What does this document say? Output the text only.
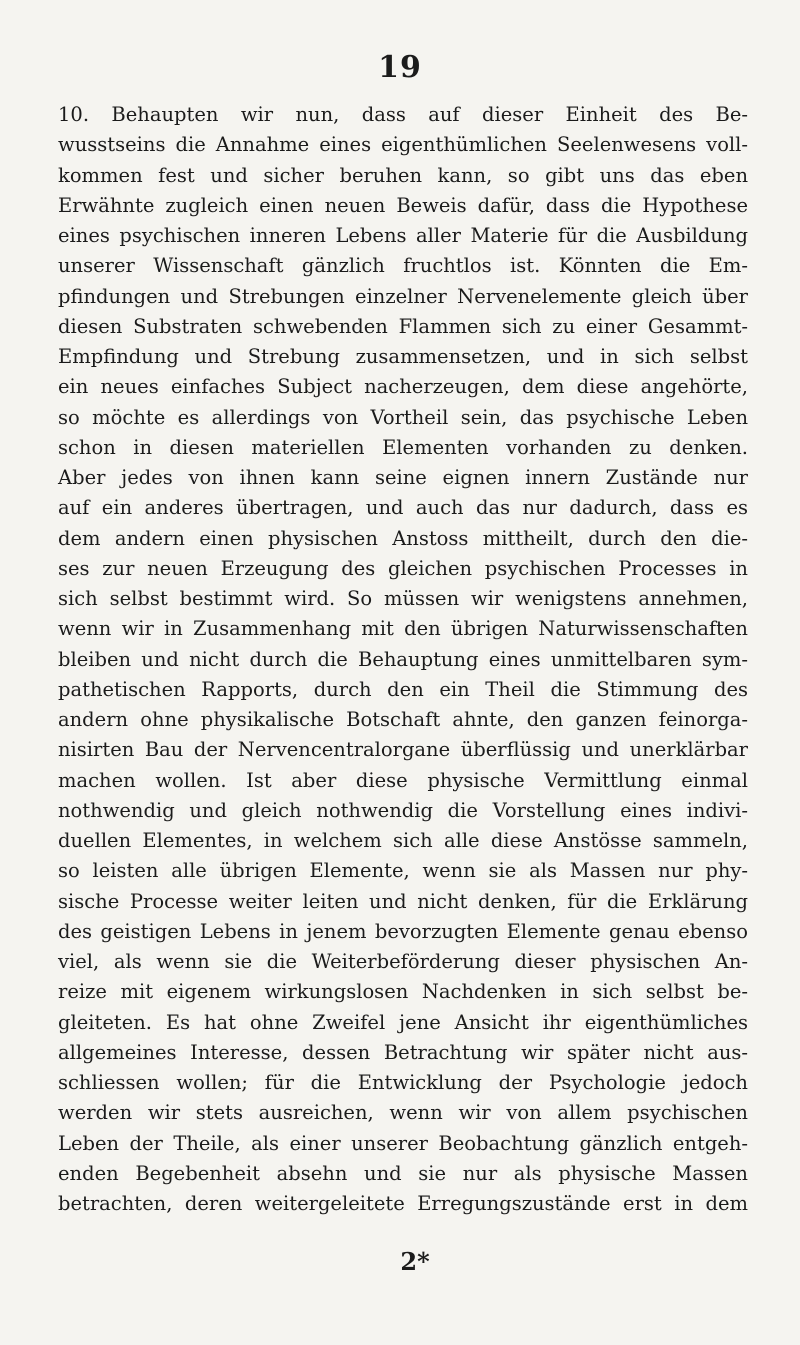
19
10. Behaupten wir nun, dass auf dieser Einheit des Be-
wusstseins die Annahme eines eigenthümlichen Seelenwesens voll-
kommen fest und sicher beruhen kann, so gibt uns das eben
Erwähnte zugleich einen neuen Beweis dafür, dass die Hypothese
eines psychischen inneren Lebens aller Materie für die Ausbildung
unserer Wissenschaft gänzlich fruchtlos ist. Könnten die Em-
pfindungen und Strebungen einzelner Nervenelemente gleich über
diesen Substraten schwebenden Flammen sich zu einer Gesammt-
Empfindung und Strebung zusammensetzen, und in sich selbst
ein neues einfaches Subject nacherzeugen, dem diese angehörte,
so möchte es allerdings von Vortheil sein, das psychische Leben
schon in diesen materiellen Elementen vorhanden zu denken.
Aber jedes von ihnen kann seine eignen innern Zustände nur
auf ein anderes übertragen, und auch das nur dadurch, dass es
dem andern einen physischen Anstoss mittheilt, durch den die-
ses zur neuen Erzeugung des gleichen psychischen Processes in
sich selbst bestimmt wird. So müssen wir wenigstens annehmen,
wenn wir in Zusammenhang mit den übrigen Naturwissenschaften
bleiben und nicht durch die Behauptung eines unmittelbaren sym-
pathetischen Rapports, durch den ein Theil die Stimmung des
andern ohne physikalische Botschaft ahnte, den ganzen feinorga-
nisirten Bau der Nervencentralorgane überflüssig und unerklärbar
machen wollen. Ist aber diese physische Vermittlung einmal
nothwendig und gleich nothwendig die Vorstellung eines indivi-
duellen Elementes, in welchem sich alle diese Anstösse sammeln,
so leisten alle übrigen Elemente, wenn sie als Massen nur phy-
sische Processe weiter leiten und nicht denken, für die Erklärung
des geistigen Lebens in jenem bevorzugten Elemente genau ebenso
viel, als wenn sie die Weiterbeförderung dieser physischen An-
reize mit eigenem wirkungslosen Nachdenken in sich selbst be-
gleiteten. Es hat ohne Zweifel jene Ansicht ihr eigenthümliches
allgemeines Interesse, dessen Betrachtung wir später nicht aus-
schliessen wollen; für die Entwicklung der Psychologie jedoch
werden wir stets ausreichen, wenn wir von allem psychischen
Leben der Theile, als einer unserer Beobachtung gänzlich entgeh-
enden Begebenheit absehn und sie nur als physische Massen
betrachten, deren weitergeleitete Erregungszustände erst in dem
2*
